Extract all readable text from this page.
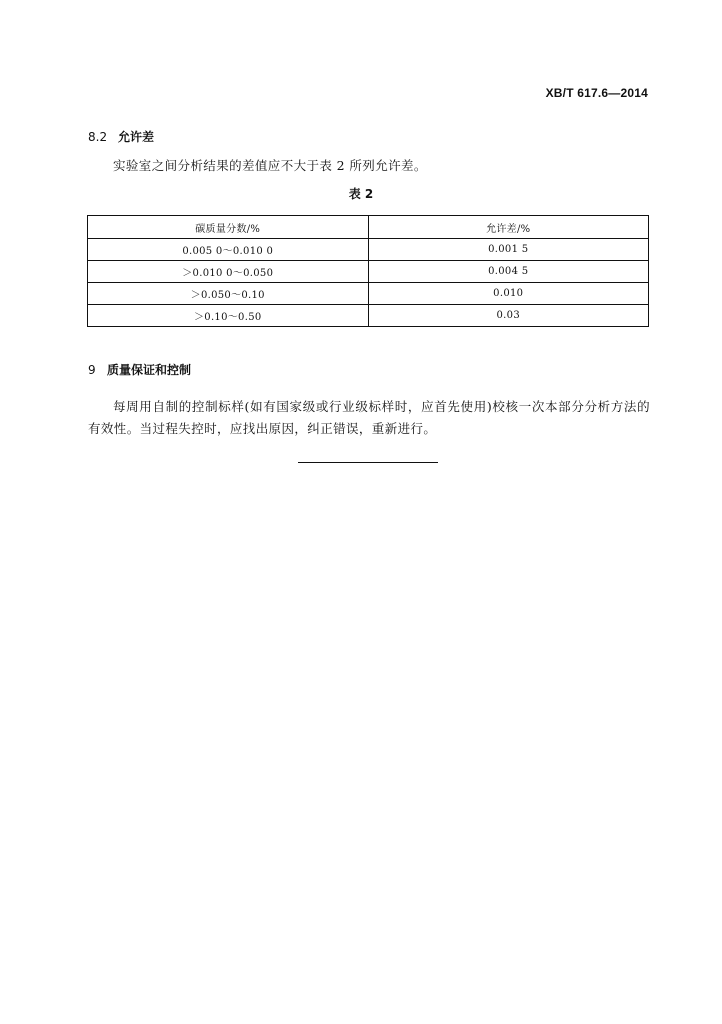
XB/T 617.6—2014
8.2 允许差
实验室之间分析结果的差值应不大于表 2 所列允许差。
表 2
碳质量分数/%	允许差/%
0.005 0～0.010 0	0.001 5
＞0.010 0～0.050	0.004 5
＞0.050～0.10	0.010
＞0.10～0.50	0.03
9 质量保证和控制
每周用自制的控制标样(如有国家级或行业级标样时，应首先使用)校核一次本部分分析方法的有效性。当过程失控时，应找出原因，纠正错误，重新进行。
